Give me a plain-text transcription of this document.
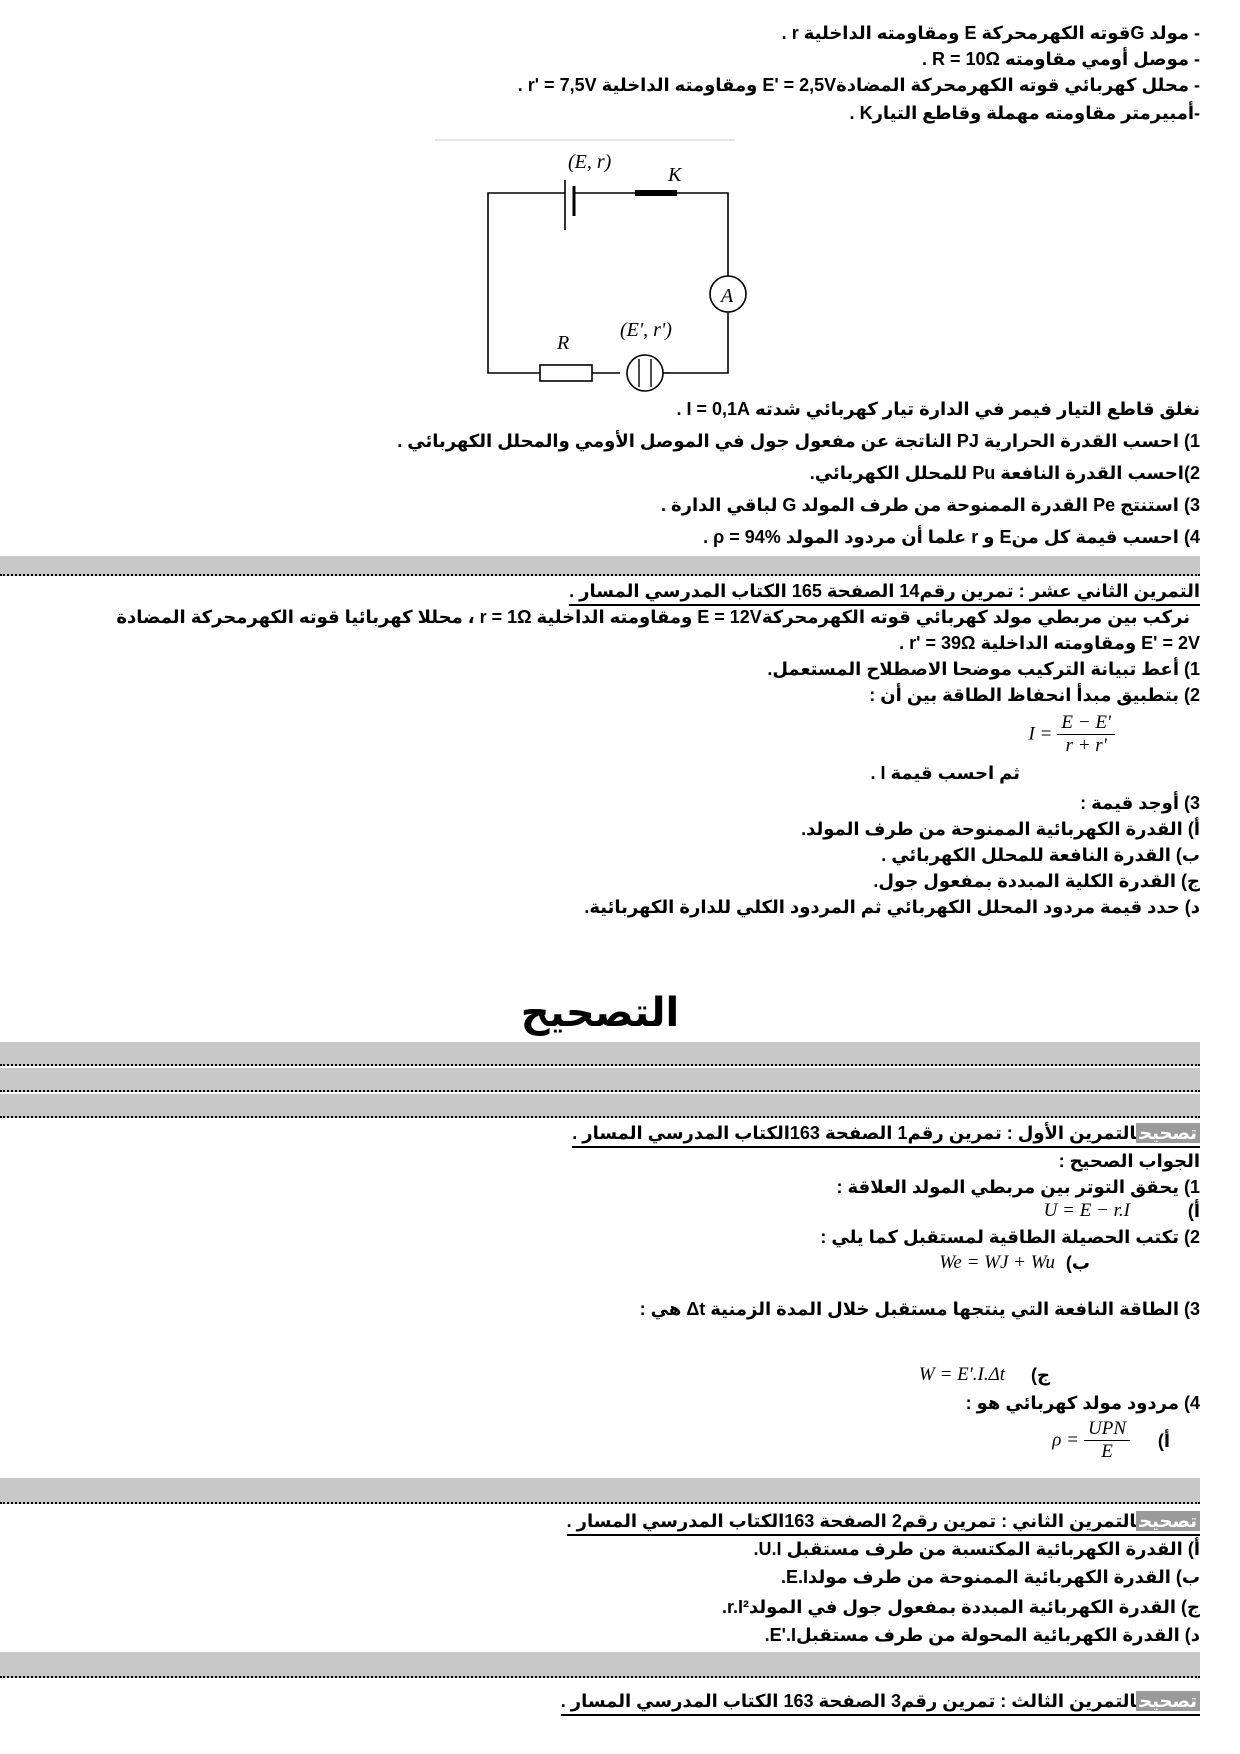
- مولد Gقوته الكهرمحركة E ومقاومته الداخلية r .
- موصل أومي مقاومته R = 10Ω .
- محلل كهربائي قوته الكهرمحركة المضادةE' = 2,5V ومقاومته الداخلية r' = 7,5V .
-أمبيرمتر مقاومته مهملة وقاطع التيارK .
(E, r)
K
A
R
(E', r')
نغلق قاطع التيار فيمر في الدارة تيار كهربائي شدته I = 0,1A .
1) احسب القدرة الحرارية PJ الناتجة عن مفعول جول في الموصل الأومي والمحلل الكهربائي .
2)احسب القدرة النافعة Pu للمحلل الكهربائي.
3) استنتج Pe القدرة الممنوحة من طرف المولد G لباقي الدارة .
4) احسب قيمة كل منE و r علما أن مردود المولد ρ = 94% .
التمرين الثاني عشر : تمرين رقم14 الصفحة 165 الكتاب المدرسي المسار .
نركب بين مربطي مولد كهربائي قوته الكهرمحركةE = 12V ومقاومته الداخلية r = 1Ω ، محللا كهربائيا قوته الكهرمحركة المضادة
E' = 2V ومقاومته الداخلية r' = 39Ω .
1) أعط تبيانة التركيب موضحا الاصطلاح المستعمل.
2) بتطبيق مبدأ انحفاظ الطاقة بين أن :
$I = \frac{E - E'}{r + r'}$
ثم احسب قيمة I .
3) أوجد قيمة :
أ) القدرة الكهربائية الممنوحة من طرف المولد.
ب) القدرة النافعة للمحلل الكهربائي .
ج) القدرة الكلية المبددة بمفعول جول.
د) حدد قيمة مردود المحلل الكهربائي ثم المردود الكلي للدارة الكهربائية.
التصحيح
تصحيحالتمرين الأول : تمرين رقم1 الصفحة 163الكتاب المدرسي المسار .
الجواب الصحيح :
1) يحقق التوتر بين مربطي المولد العلاقة :
أ)
U = E − r.I
2) تكتب الحصيلة الطاقية لمستقبل كما يلي :
ب)
We = WJ + Wu
3) الطاقة النافعة التي ينتجها مستقبل خلال المدة الزمنية Δt هي :
ج)
W = E'.I.Δt
4) مردود مولد كهربائي هو :
أ)
$\rho = \frac{\text{UPN}}{E}$
تصحيحالتمرين الثاني : تمرين رقم2 الصفحة 163الكتاب المدرسي المسار .
أ) القدرة الكهربائية المكتسبة من طرف مستقبل U.I.
ب) القدرة الكهربائية الممنوحة من طرف مولدE.I.
ج) القدرة الكهربائية المبددة بمفعول جول في المولدr.I².
د) القدرة الكهربائية المحولة من طرف مستقبلE'.I.
تصحيحالتمرين الثالث : تمرين رقم3 الصفحة 163 الكتاب المدرسي المسار .
